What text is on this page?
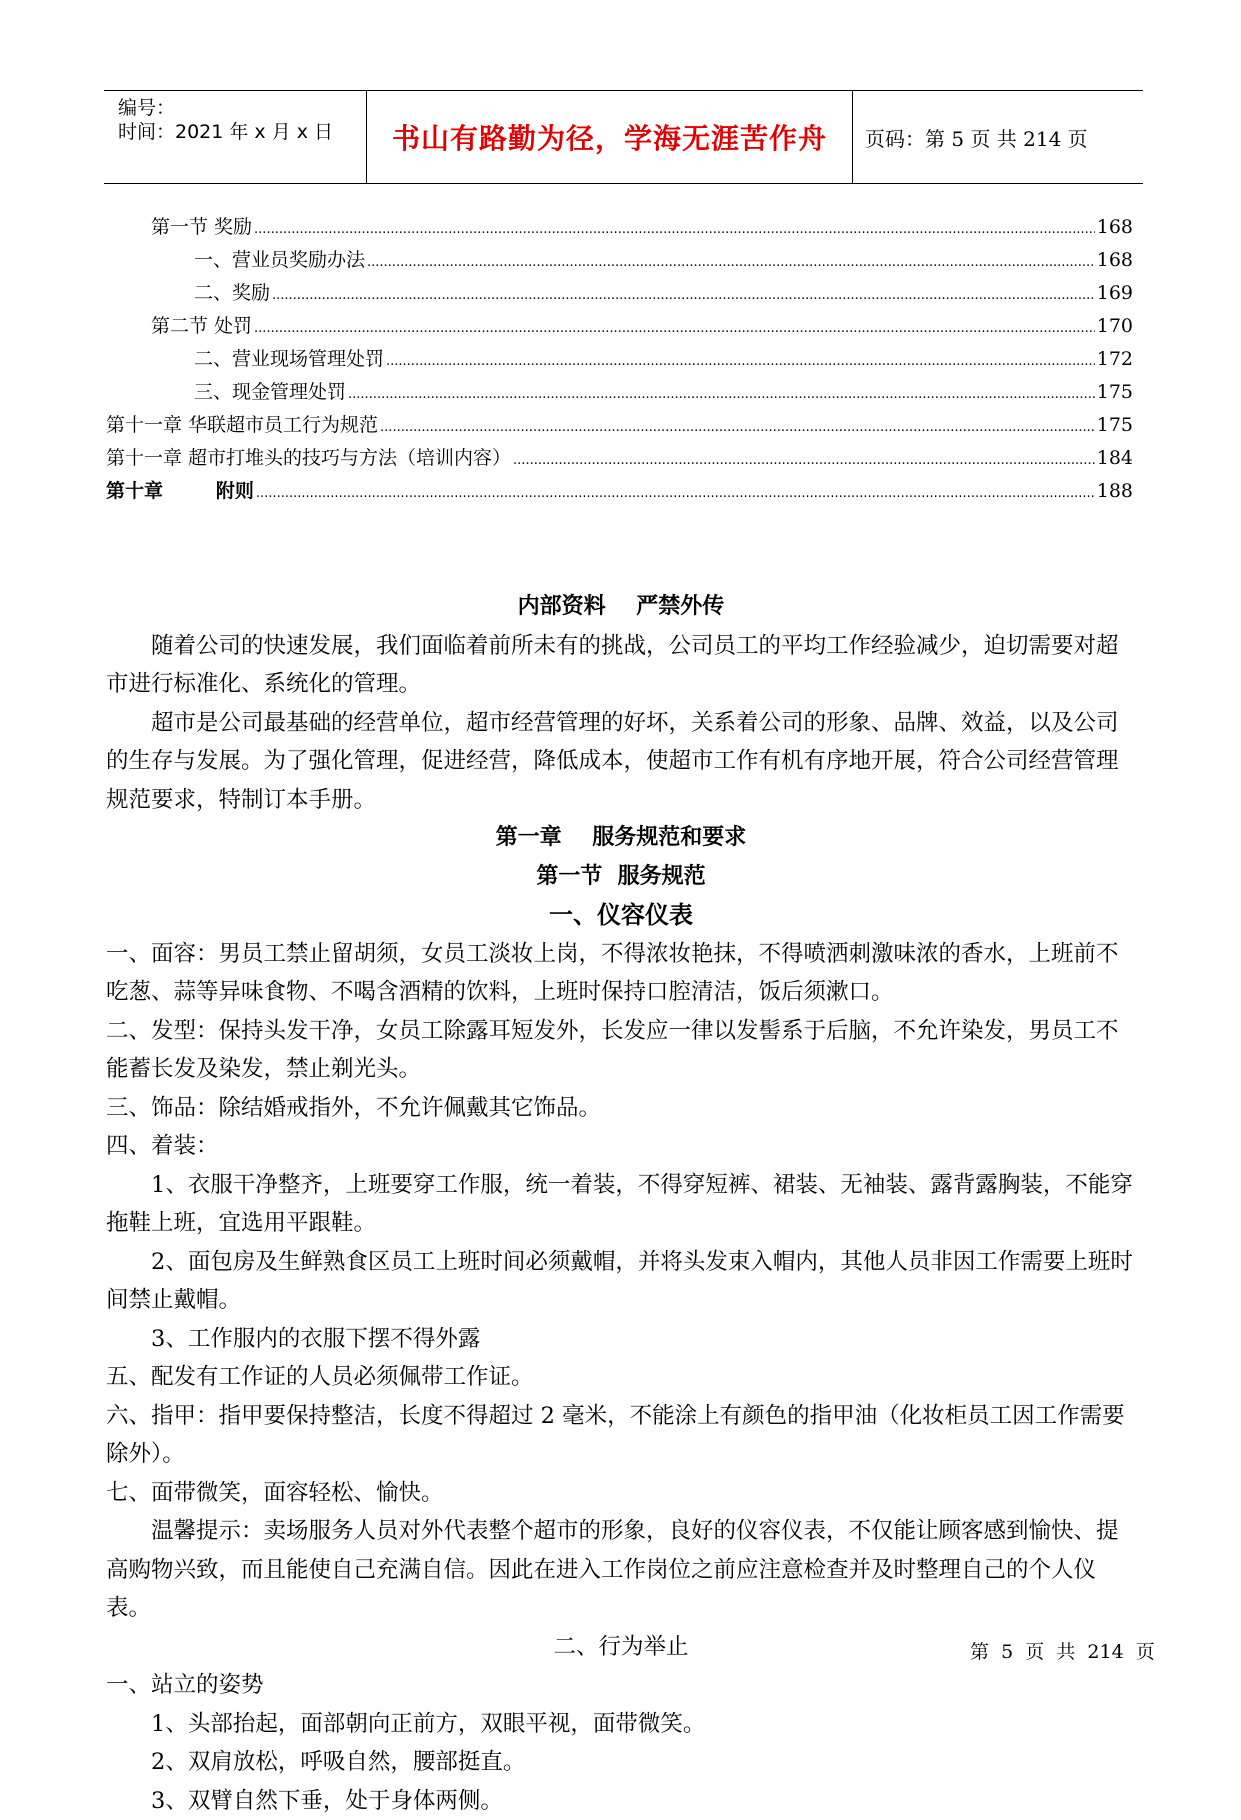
编号：
时间：2021 年 x 月 x 日 书山有路勤为径，学海无涯苦作舟 页码：第 5 页 共 214 页
第一节 奖励 .....	168
一、营业员奖励办法 .....	168
二、奖励 .....	169
第二节 处罚 .....	170
二、营业现场管理处罚 .....	172
三、现金管理处罚 .....	175
第十一章 华联超市员工行为规范 .....	175
第十一章 超市打堆头的技巧与方法（培训内容） .....	184
第十章        附则 .....	188

内部资料    严禁外传

随着公司的快速发展，我们面临着前所未有的挑战，公司员工的平均工作经验减少，迫切需要对超市进行标准化、系统化的管理。

超市是公司最基础的经营单位，超市经营管理的好坏，关系着公司的形象、品牌、效益，以及公司的生存与发展。为了强化管理，促进经营，降低成本，使超市工作有机有序地开展，符合公司经营管理规范要求，特制订本手册。

第一章    服务规范和要求

第一节  服务规范

一、仪容仪表

一、面容：男员工禁止留胡须，女员工淡妆上岗，不得浓妆艳抹，不得喷洒刺激味浓的香水，上班前不吃葱、蒜等异味食物、不喝含酒精的饮料，上班时保持口腔清洁，饭后须漱口。

二、发型：保持头发干净，女员工除露耳短发外，长发应一律以发髻系于后脑，不允许染发，男员工不能蓄长发及染发，禁止剃光头。

三、饰品：除结婚戒指外，不允许佩戴其它饰品。

四、着装：

1、衣服干净整齐，上班要穿工作服，统一着装，不得穿短裤、裙装、无袖装、露背露胸装，不能穿拖鞋上班，宜选用平跟鞋。

2、面包房及生鲜熟食区员工上班时间必须戴帽，并将头发束入帽内，其他人员非因工作需要上班时间禁止戴帽。

3、工作服内的衣服下摆不得外露

五、配发有工作证的人员必须佩带工作证。

六、指甲：指甲要保持整洁，长度不得超过 2 毫米，不能涂上有颜色的指甲油（化妆柜员工因工作需要除外）。

七、面带微笑，面容轻松、愉快。

温馨提示：卖场服务人员对外代表整个超市的形象，良好的仪容仪表，不仅能让顾客感到愉快、提高购物兴致，而且能使自己充满自信。因此在进入工作岗位之前应注意检查并及时整理自己的个人仪表。

二、行为举止

一、站立的姿势

1、头部抬起，面部朝向正前方，双眼平视，面带微笑。

2、双肩放松，呼吸自然，腰部挺直。

3、双臂自然下垂，处于身体两侧。

第  5  页  共  214  页
